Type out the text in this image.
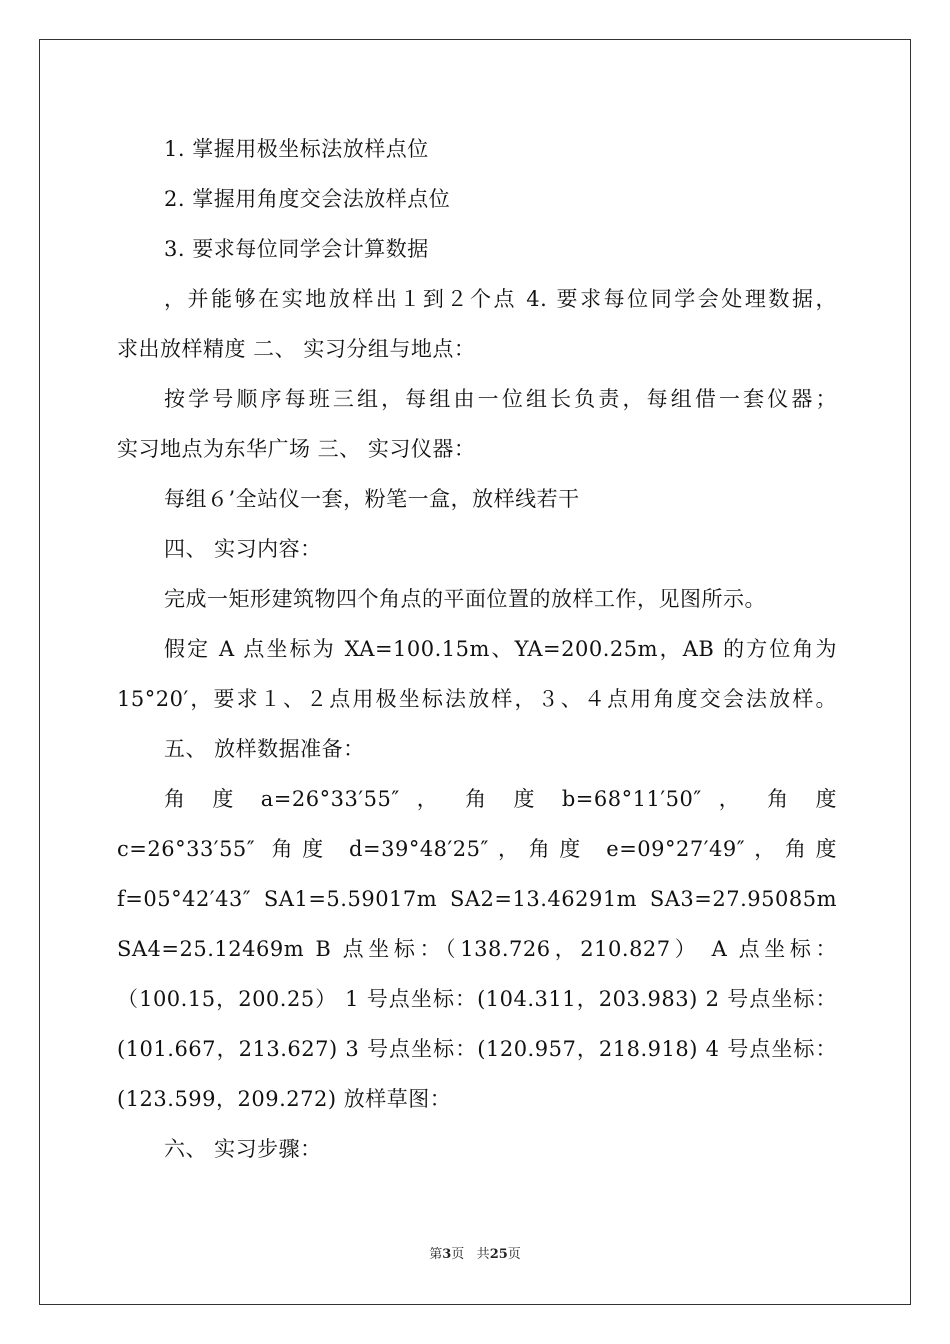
1. 掌握用极坐标法放样点位
2. 掌握用角度交会法放样点位
3. 要求每位同学会计算数据
，并能够在实地放样出１到２个点 4. 要求每位同学会处理数据，
求出放样精度 二、 实习分组与地点：
按学号顺序每班三组，每组由一位组长负责，每组借一套仪器；
实习地点为东华广场 三、 实习仪器：
每组６’全站仪一套，粉笔一盒，放样线若干
四、 实习内容：
完成一矩形建筑物四个角点的平面位置的放样工作，见图所示。
假定 A 点坐标为 XA=100.15m、YA=200.25m，AB 的方位角为
15°20′，要求１、２点用极坐标法放样，３、４点用角度交会法放样。
五、 放样数据准备：
角 度 a=26°33′55″ ， 角 度 b=68°11′50″ ， 角 度
c=26°33′55″ 角度 d=39°48′25″，角度 e=09°27′49″，角度
f=05°42′43″ SA1=5.59017m SA2=13.46291m SA3=27.95085m
SA4=25.12469m B 点坐标：（138.726，210.827） A 点坐标：
（100.15，200.25） 1 号点坐标：(104.311，203.983) 2 号点坐标：
(101.667，213.627) 3 号点坐标：(120.957，218.918) 4 号点坐标：
(123.599，209.272) 放样草图：
六、 实习步骤：
第3页 共25页
